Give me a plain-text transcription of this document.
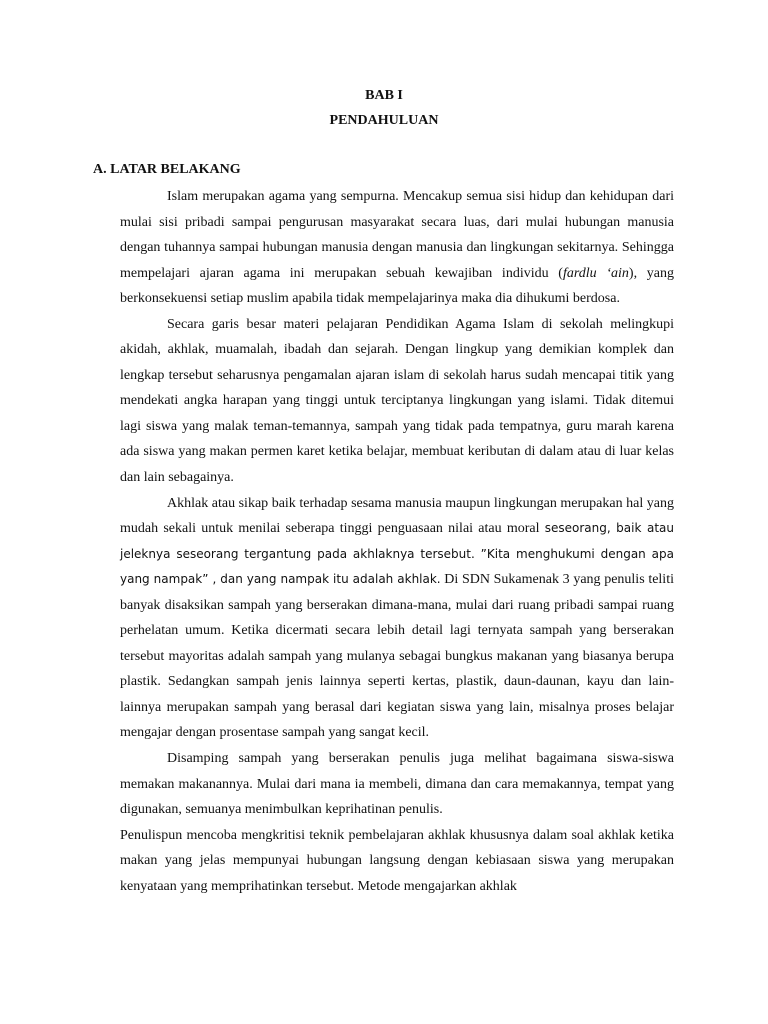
BAB I
PENDAHULUAN
A. LATAR BELAKANG

Islam merupakan agama yang sempurna. Mencakup semua sisi hidup dan kehidupan dari mulai sisi pribadi sampai pengurusan masyarakat secara luas, dari mulai hubungan manusia dengan tuhannya sampai hubungan manusia dengan manusia dan lingkungan sekitarnya. Sehingga mempelajari ajaran agama ini merupakan sebuah kewajiban individu (fardlu ‘ain), yang berkonsekuensi setiap muslim apabila tidak mempelajarinya maka dia dihukumi berdosa.

Secara garis besar materi pelajaran Pendidikan Agama Islam di sekolah melingkupi akidah, akhlak, muamalah, ibadah dan sejarah. Dengan lingkup yang demikian komplek dan lengkap tersebut seharusnya pengamalan ajaran islam di sekolah harus sudah mencapai titik yang mendekati angka harapan yang tinggi untuk terciptanya lingkungan yang islami. Tidak ditemui lagi siswa yang malak teman-temannya, sampah yang tidak pada tempatnya, guru marah karena ada siswa yang makan permen karet ketika belajar, membuat keributan di dalam atau di luar kelas dan lain sebagainya.

Akhlak atau sikap baik terhadap sesama manusia maupun lingkungan merupakan hal yang mudah sekali untuk menilai seberapa tinggi penguasaan nilai atau moral seseorang, baik atau jeleknya seseorang tergantung pada akhlaknya tersebut. ”Kita menghukumi dengan apa yang nampak” , dan yang nampak itu adalah akhlak. Di SDN Sukamenak 3 yang penulis teliti banyak disaksikan sampah yang berserakan dimana-mana, mulai dari ruang pribadi sampai ruang perhelatan umum. Ketika dicermati secara lebih detail lagi ternyata sampah yang berserakan tersebut mayoritas adalah sampah yang mulanya sebagai bungkus makanan yang biasanya berupa plastik. Sedangkan sampah jenis lainnya seperti kertas, plastik, daun-daunan, kayu dan lain-lainnya merupakan sampah yang berasal dari kegiatan siswa yang lain, misalnya proses belajar mengajar dengan prosentase sampah yang sangat kecil.

Disamping sampah yang berserakan penulis juga melihat bagaimana siswa-siswa memakan makanannya. Mulai dari mana ia membeli, dimana dan cara memakannya, tempat yang digunakan, semuanya menimbulkan keprihatinan penulis.

Penulispun mencoba mengkritisi teknik pembelajaran akhlak khususnya dalam soal akhlak ketika makan yang jelas mempunyai hubungan langsung dengan kebiasaan siswa yang merupakan kenyataan yang memprihatinkan tersebut. Metode mengajarkan akhlak
